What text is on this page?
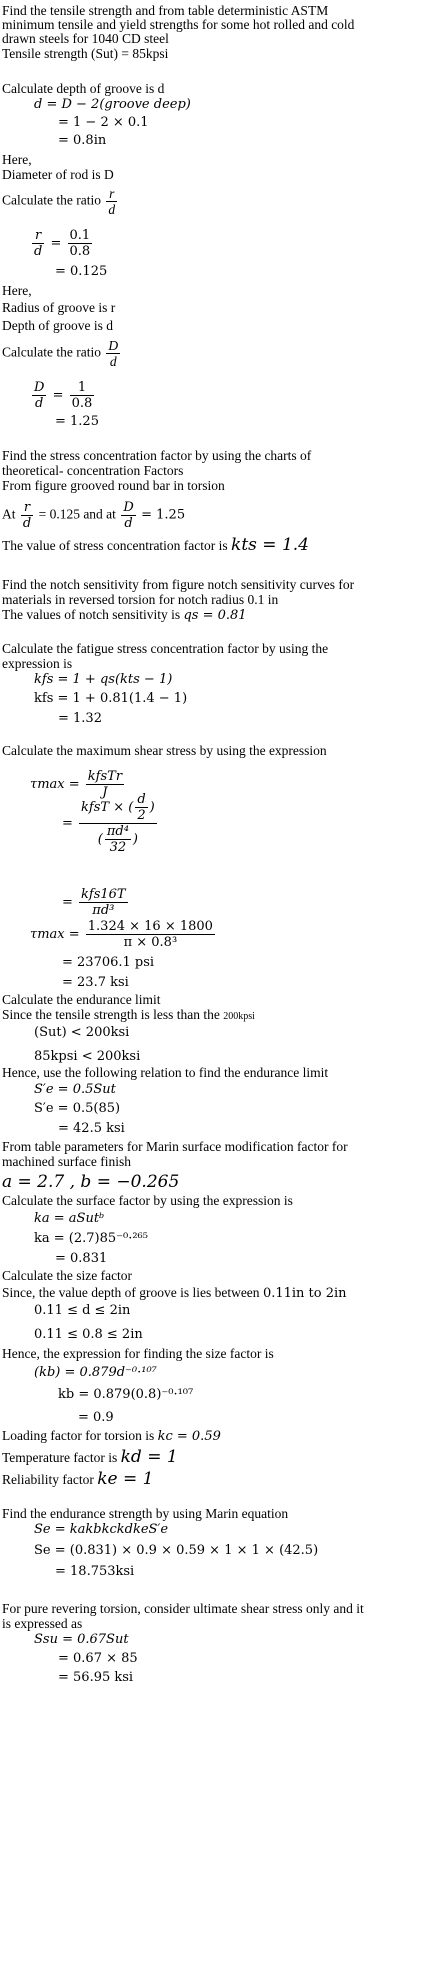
Find the tensile strength and from table deterministic ASTM
minimum tensile and yield strengths for some hot rolled and cold
drawn steels for 1040 CD steel
Tensile strength (Sut) = 85kpsi
Calculate depth of groove is d
d = D − 2(groove deep)
= 1 − 2 × 0.1
= 0.8in
Here,
Diameter of rod is D
Calculate the ratio $\frac{r}{d}$
$\frac{r}{d} = \frac{0.1}{0.8}$
= 0.125
Here,
Radius of groove is r
Depth of groove is d
Calculate the ratio $\frac{D}{d}$
$\frac{D}{d} = \frac{1}{0.8}$
= 1.25
Find the stress concentration factor by using the charts of
theoretical- concentration Factors
From figure grooved round bar in torsion
At $\frac{r}{d} = 0.125$ and at $\frac{D}{d} = 1.25$
The value of stress concentration factor is kts = 1.4
Find the notch sensitivity from figure notch sensitivity curves for
materials in reversed torsion for notch radius 0.1 in
The values of notch sensitivity is qs = 0.81
Calculate the fatigue stress concentration factor by using the
expression is
kfs = 1 + qs(kts − 1)
kfs = 1 + 0.81(1.4 − 1)
= 1.32
Calculate the maximum shear stress by using the expression
$\tau\max = \frac{\text{kfsTr}}{J}$
= $\frac{kfsT \times ( \frac{d}{2} )}{( \frac{\text{πd⁴}}{32} )}$
= $\frac{\text{kfs16T}}{\text{πd³}}$
$\tau\max = \frac{1.324 \times 16 \times 1800}{\text{π × 0.8³}}$
= 23706.1 psi
= 23.7 ksi
Calculate the endurance limit
Since the tensile strength is less than the 200kpsi
(Sut) < 200ksi
85kpsi < 200ksi
Hence, use the following relation to find the endurance limit
S′e = 0.5Sut
S′e = 0.5(85)
= 42.5 ksi
From table parameters for Marin surface modification factor for
machined surface finish
a = 2.7 , b = −0.265
Calculate the surface factor by using the expression is
ka = aSutᵇ
ka = (2.7)85⁻⁰·²⁶⁵
= 0.831
Calculate the size factor
Since, the value depth of groove is lies between 0.11in to 2in
0.11 ≤ d ≤ 2in
0.11 ≤ 0.8 ≤ 2in
Hence, the expression for finding the size factor is
(kb) = 0.879d⁻⁰·¹⁰⁷
kb = 0.879(0.8)⁻⁰·¹⁰⁷
= 0.9
Loading factor for torsion is kc = 0.59
Temperature factor is kd = 1
Reliability factor ke = 1
Find the endurance strength by using Marin equation
Se = kakbkckdkeS′e
Se = (0.831) × 0.9 × 0.59 × 1 × 1 × (42.5)
= 18.753ksi
For pure revering torsion, consider ultimate shear stress only and it
is expressed as
Ssu = 0.67Sut
= 0.67 × 85
= 56.95 ksi
